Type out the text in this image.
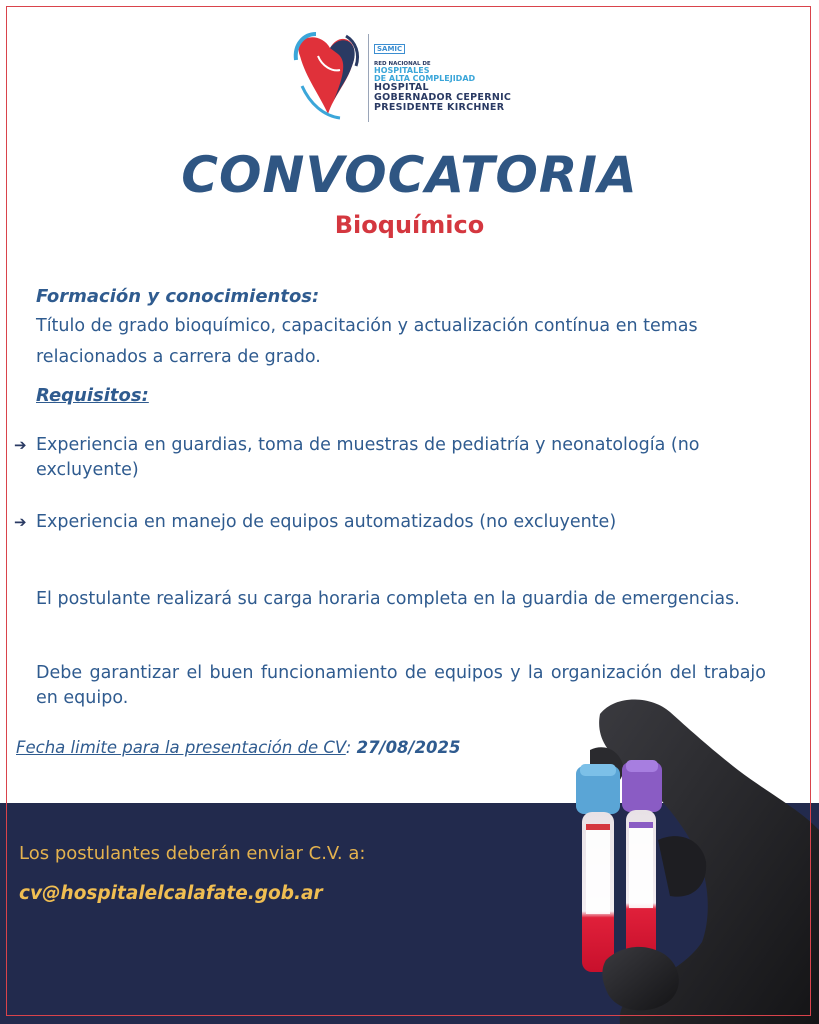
SAMIC
RED NACIONAL DE
HOSPITALES
DE ALTA COMPLEJIDAD
HOSPITAL
GOBERNADOR CEPERNIC
PRESIDENTE KIRCHNER
CONVOCATORIA
Bioquímico
Formación y conocimientos:
Título de grado bioquímico, capacitación y actualización contínua en temas relacionados a carrera de grado.
Requisitos:
➔ Experiencia en guardias, toma de muestras de pediatría y neonatología (no excluyente)
➔ Experiencia en manejo de equipos automatizados (no excluyente)
El postulante realizará su carga horaria completa en la guardia de emergencias.
Debe garantizar el buen funcionamiento de equipos y la organización del trabajo en equipo.
Fecha limite para la presentación de CV: 27/08/2025
Los postulantes deberán enviar C.V. a:
cv@hospitalelcalafate.gob.ar
